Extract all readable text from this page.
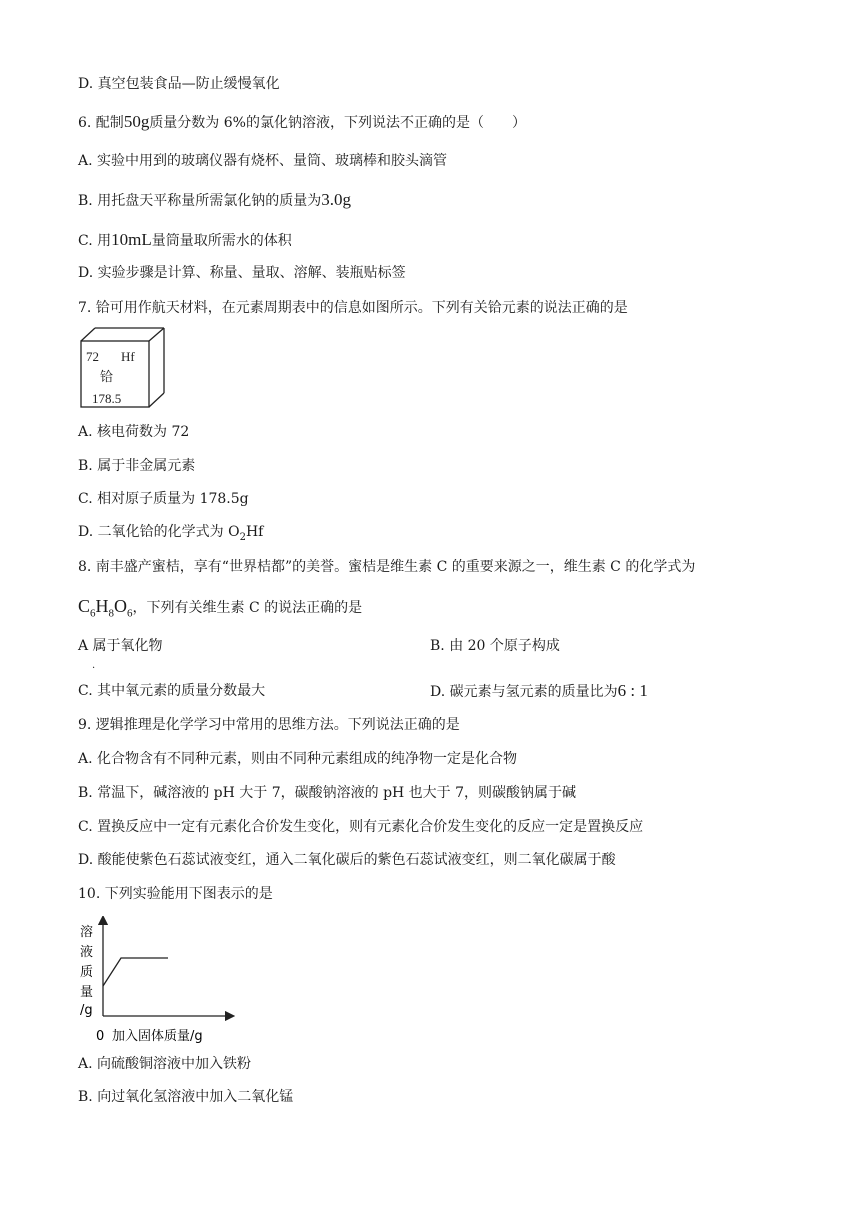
D. 真空包装食品—防止缓慢氧化
6. 配制50g质量分数为 6%的氯化钠溶液，下列说法不正确的是（　　）
A. 实验中用到的玻璃仪器有烧杯、量筒、玻璃棒和胶头滴管
B. 用托盘天平称量所需氯化钠的质量为3.0g
C. 用10mL量筒量取所需水的体积
D. 实验步骤是计算、称量、量取、溶解、装瓶贴标签
7. 铪可用作航天材料，在元素周期表中的信息如图所示。下列有关铪元素的说法正确的是
72 Hf
铪
178.5
A. 核电荷数为 72
B. 属于非金属元素
C. 相对原子质量为 178.5g
D. 二氧化铪的化学式为 $O_2Hf$
8. 南丰盛产蜜桔，享有“世界桔都”的美誉。蜜桔是维生素 C 的重要来源之一，维生素 C 的化学式为
$C_6H_8O_6$，下列有关维生素 C 的说法正确的是
A 属于氧化物
.
B. 由 20 个原子构成
C. 其中氧元素的质量分数最大	D. 碳元素与氢元素的质量比为6 : 1
9. 逻辑推理是化学学习中常用的思维方法。下列说法正确的是
A. 化合物含有不同种元素，则由不同种元素组成的纯净物一定是化合物
B. 常温下，碱溶液的 pH 大于 7，碳酸钠溶液的 pH 也大于 7，则碳酸钠属于碱
C. 置换反应中一定有元素化合价发生变化，则有元素化合价发生变化的反应一定是置换反应
D. 酸能使紫色石蕊试液变红，通入二氧化碳后的紫色石蕊试液变红，则二氧化碳属于酸
10. 下列实验能用下图表示的是
溶
液
质
量
/g
0 加入固体质量/g
A. 向硫酸铜溶液中加入铁粉
B. 向过氧化氢溶液中加入二氧化锰
